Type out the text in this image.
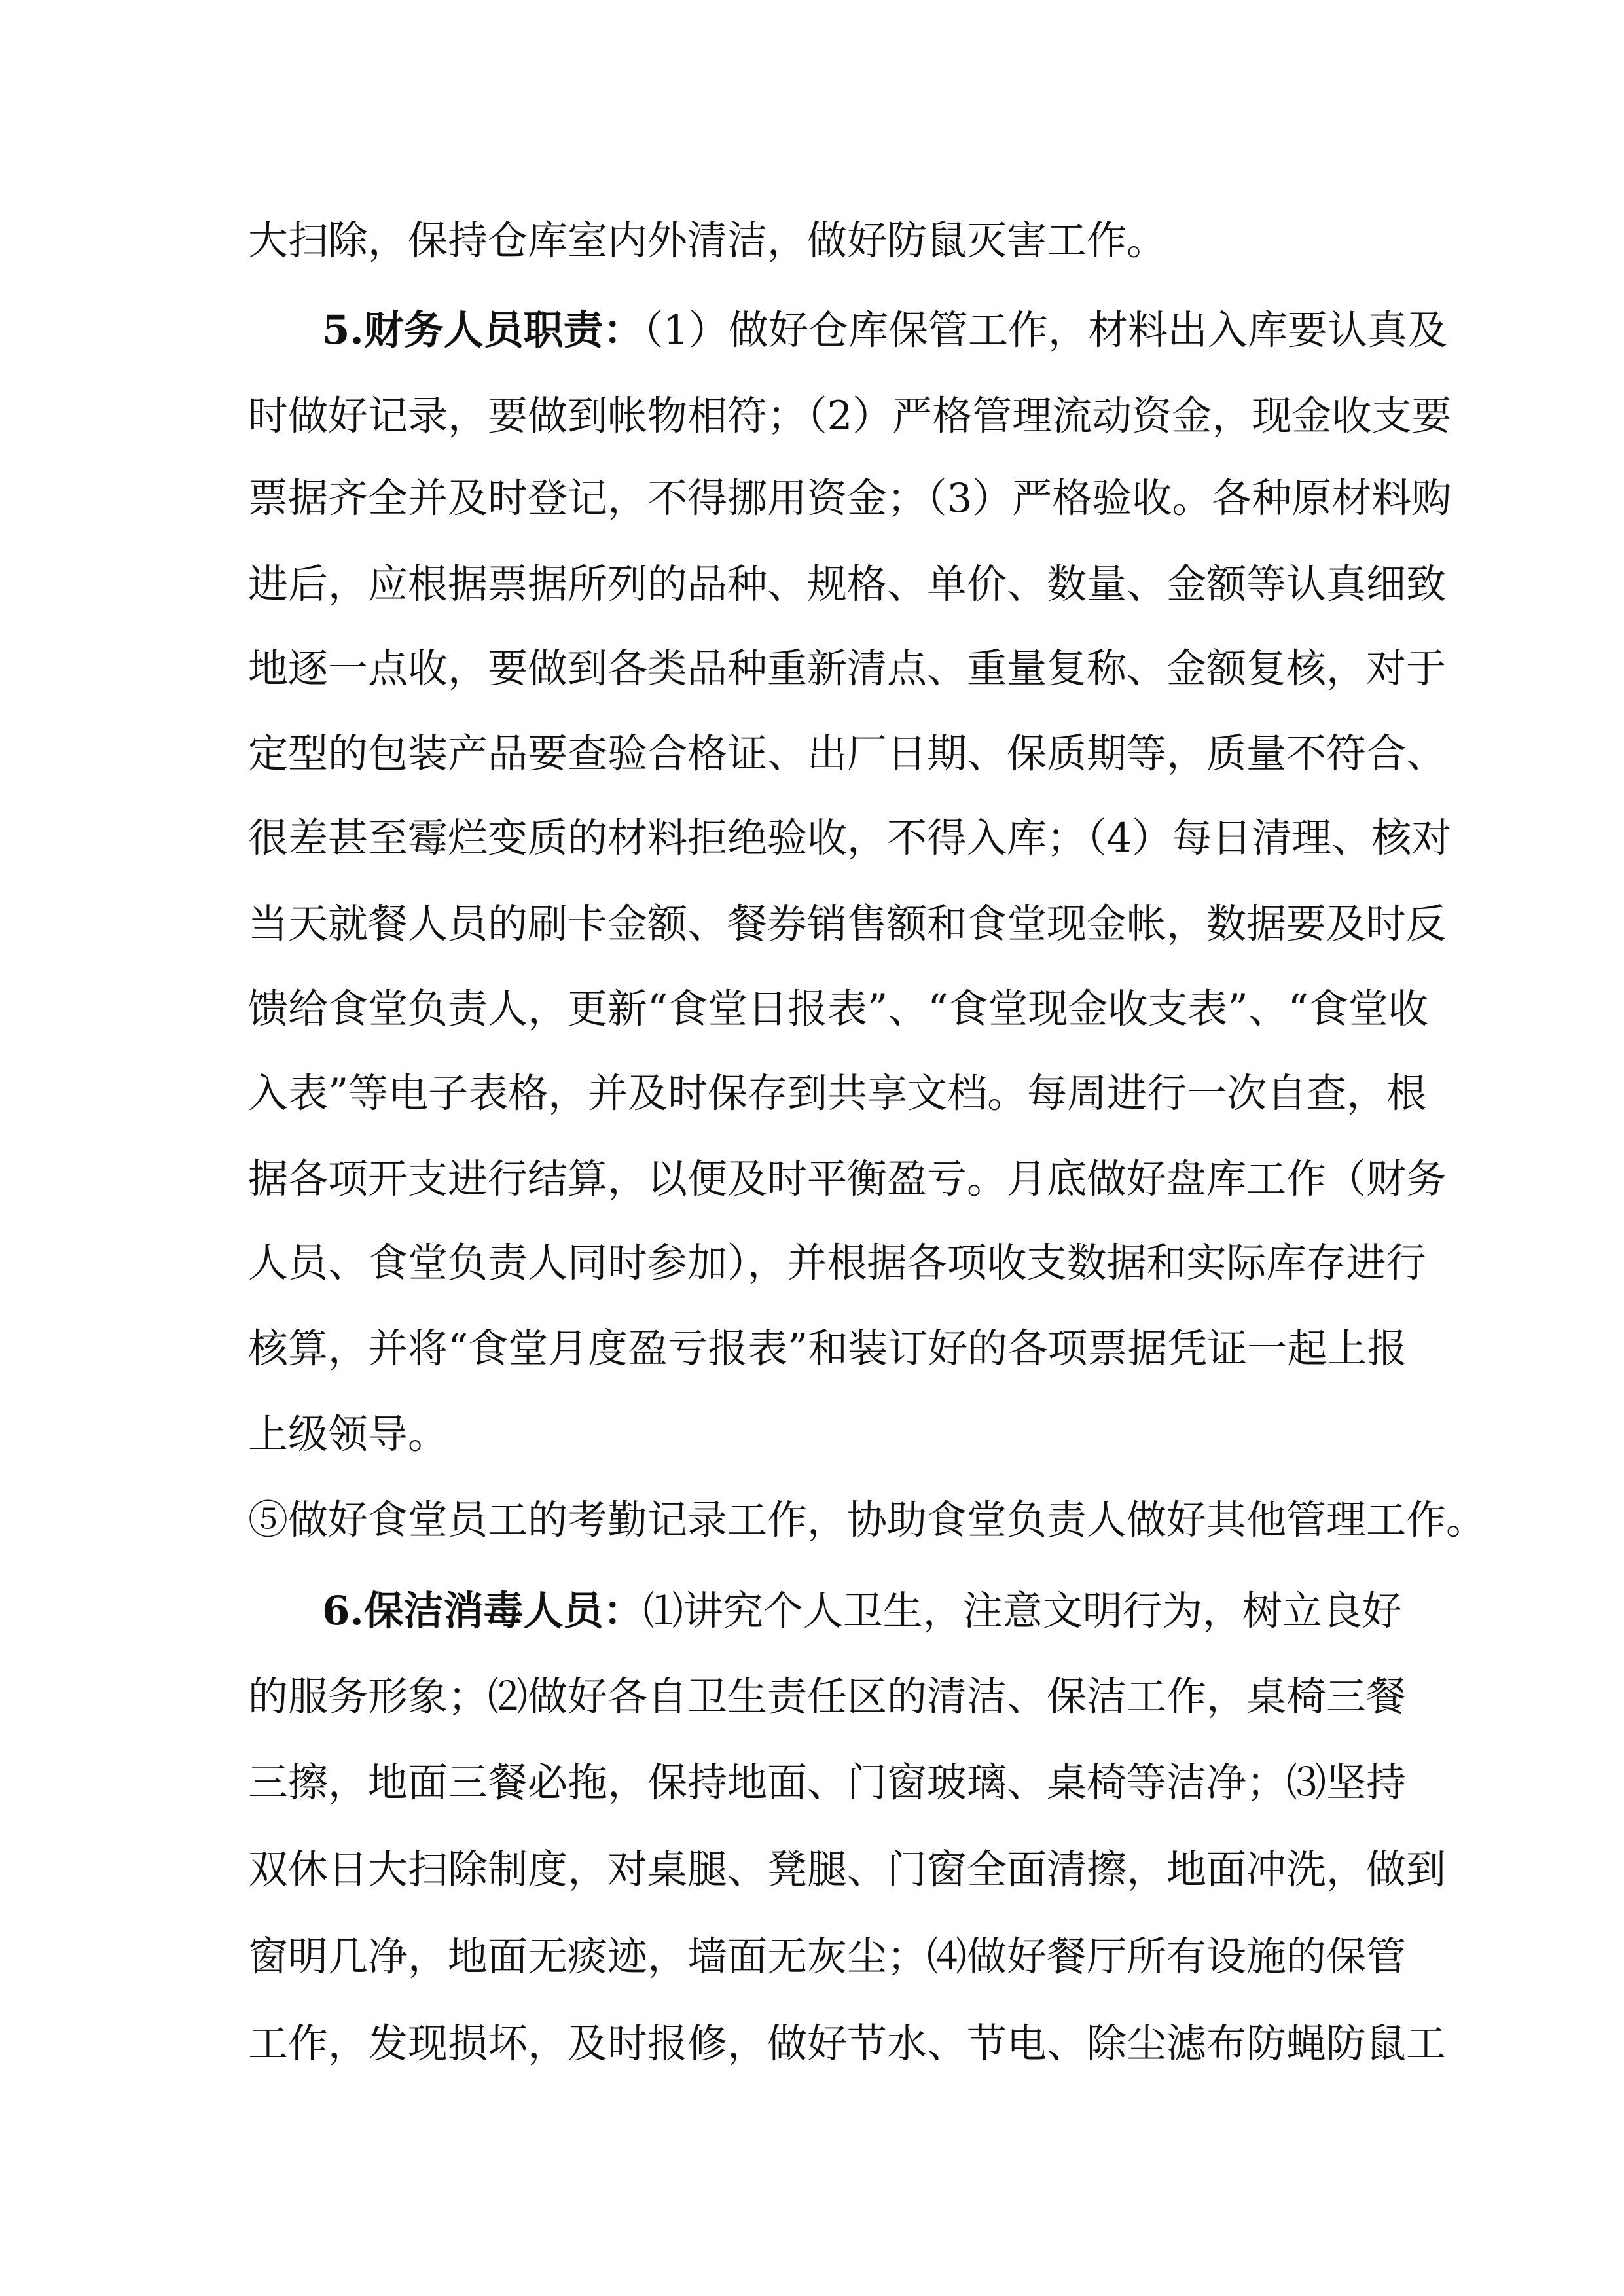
大扫除，保持仓库室内外清洁，做好防鼠灭害工作。
5.财务人员职责：（1）做好仓库保管工作，材料出入库要认真及
时做好记录，要做到帐物相符；（2）严格管理流动资金，现金收支要
票据齐全并及时登记，不得挪用资金；（3）严格验收。各种原材料购
进后，应根据票据所列的品种、规格、单价、数量、金额等认真细致
地逐一点收，要做到各类品种重新清点、重量复称、金额复核，对于
定型的包装产品要查验合格证、出厂日期、保质期等，质量不符合、
很差甚至霉烂变质的材料拒绝验收，不得入库；（4）每日清理、核对
当天就餐人员的刷卡金额、餐券销售额和食堂现金帐，数据要及时反
馈给食堂负责人，更新“食堂日报表”、“食堂现金收支表”、“食堂收
入表”等电子表格，并及时保存到共享文档。每周进行一次自查，根
据各项开支进行结算，以便及时平衡盈亏。月底做好盘库工作（财务
人员、食堂负责人同时参加），并根据各项收支数据和实际库存进行
核算，并将“食堂月度盈亏报表”和装订好的各项票据凭证一起上报
上级领导。
⑤做好食堂员工的考勤记录工作，协助食堂负责人做好其他管理工作。
6.保洁消毒人员：⑴讲究个人卫生，注意文明行为，树立良好
的服务形象；⑵做好各自卫生责任区的清洁、保洁工作，桌椅三餐
三擦，地面三餐必拖，保持地面、门窗玻璃、桌椅等洁净；⑶坚持
双休日大扫除制度，对桌腿、凳腿、门窗全面清擦，地面冲洗，做到
窗明几净，地面无痰迹，墙面无灰尘；⑷做好餐厅所有设施的保管
工作，发现损坏，及时报修，做好节水、节电、除尘滤布防蝇防鼠工
